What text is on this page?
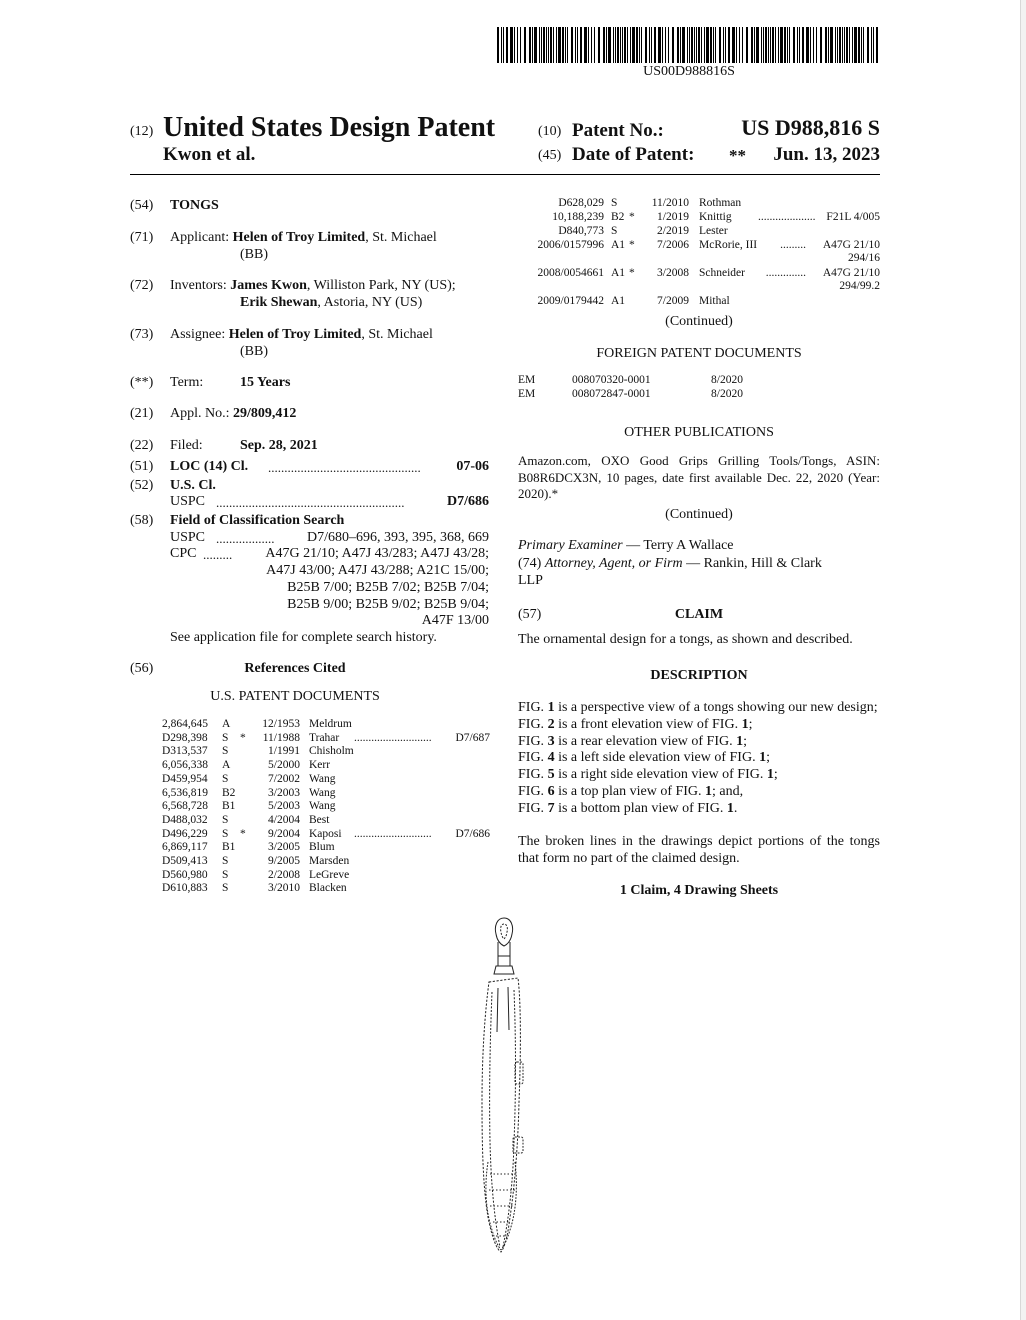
US00D988816S
(12) United States Design Patent	(10) Patent No.:	US D988,816 S
Kwon et al.	(45) Date of Patent: **	Jun. 13, 2023
(54) TONGS
(71) Applicant: Helen of Troy Limited, St. Michael
(BB)
(72) Inventors: James Kwon, Williston Park, NY (US);
Erik Shewan, Astoria, NY (US)
(73) Assignee: Helen of Troy Limited, St. Michael
(BB)
(**) Term:	15 Years
(21) Appl. No.: 29/809,412
(22) Filed:	Sep. 28, 2021
(51) LOC (14) Cl. ...............................................	07-06
(52) U.S. Cl.
USPC ..........................................................	D7/686
(58) Field of Classification Search
USPC ..................	D7/680–696, 393, 395, 368, 669
CPC .........	A47G 21/10; A47J 43/283; A47J 43/28;
A47J 43/00; A47J 43/288; A21C 15/00;
B25B 7/00; B25B 7/02; B25B 7/04;
B25B 9/00; B25B 9/02; B25B 9/04;
A47F 13/00
See application file for complete search history.
(56)	References Cited
U.S. PATENT DOCUMENTS
2,864,645 A	12/1953 Meldrum
D298,398 S *	11/1988 Trahar ...........................	D7/687
D313,537 S	1/1991 Chisholm
6,056,338 A	5/2000 Kerr
D459,954 S	7/2002 Wang
6,536,819 B2	3/2003 Wang
6,568,728 B1	5/2003 Wang
D488,032 S	4/2004 Best
D496,229 S *	9/2004 Kaposi ...........................	D7/686
6,869,117 B1	3/2005 Blum
D509,413 S	9/2005 Marsden
D560,980 S	2/2008 LeGreve
D610,883 S	3/2010 Blacken
D628,029 S	11/2010 Rothman
10,188,239 B2 *	1/2019 Knittig .................... F21L 4/005
D840,773 S	2/2019 Lester
2006/0157996 A1 *	7/2006 McRorie, III	.........	A47G 21/10
294/16
2008/0054661 A1 *	3/2008 Schneider	..............	A47G 21/10
294/99.2
2009/0179442 A1	7/2009 Mithal
(Continued)
FOREIGN PATENT DOCUMENTS
EM	008070320-0001	8/2020
EM	008072847-0001	8/2020
OTHER PUBLICATIONS
Amazon.com, OXO Good Grips Grilling Tools/Tongs, ASIN: B08R6DCX3N, 10 pages, date first available Dec. 22, 2020 (Year: 2020).*
(Continued)
Primary Examiner — Terry A Wallace
(74) Attorney, Agent, or Firm — Rankin, Hill & Clark
LLP
(57)	CLAIM
The ornamental design for a tongs, as shown and described.
DESCRIPTION
FIG. 1 is a perspective view of a tongs showing our new design;
FIG. 2 is a front elevation view of FIG. 1;
FIG. 3 is a rear elevation view of FIG. 1;
FIG. 4 is a left side elevation view of FIG. 1;
FIG. 5 is a right side elevation view of FIG. 1;
FIG. 6 is a top plan view of FIG. 1; and,
FIG. 7 is a bottom plan view of FIG. 1.
The broken lines in the drawings depict portions of the tongs that form no part of the claimed design.
1 Claim, 4 Drawing Sheets
